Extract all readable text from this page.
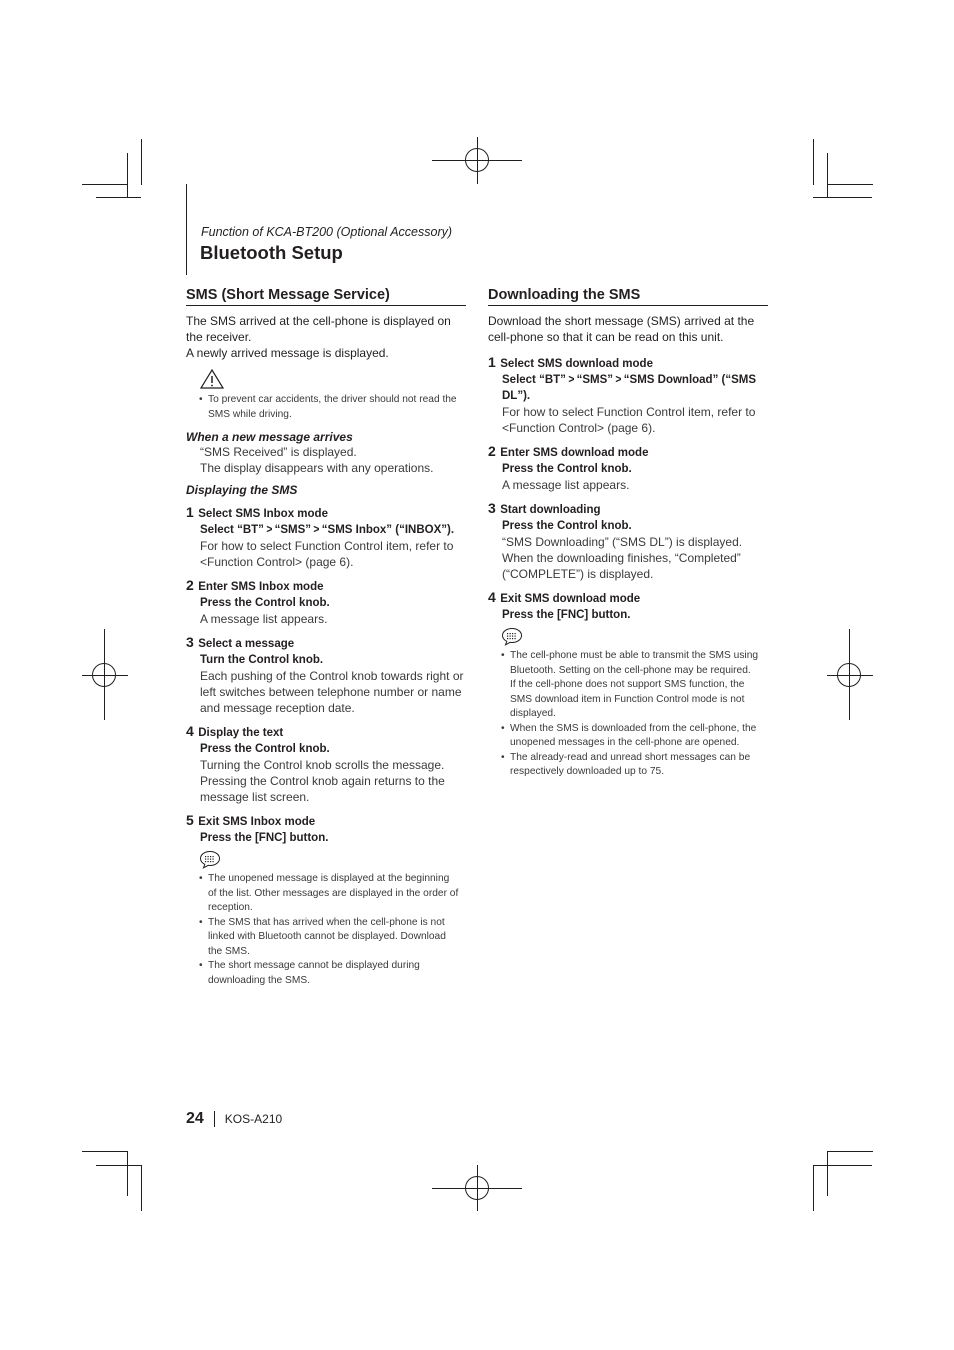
Function of KCA-BT200 (Optional Accessory)
Bluetooth Setup
SMS (Short Message Service)
The SMS arrived at the cell-phone is displayed on
the receiver.
A newly arrived message is displayed.
• To prevent car accidents, the driver should not read the
SMS while driving.
When a new message arrives
“SMS Received” is displayed.
The display disappears with any operations.
Displaying the SMS
1 Select SMS Inbox mode
Select “BT” > “SMS” > “SMS Inbox” (“INBOX”).
For how to select Function Control item, refer to
<Function Control> (page 6).
2 Enter SMS Inbox mode
Press the Control knob.
A message list appears.
3 Select a message
Turn the Control knob.
Each pushing of the Control knob towards right or
left switches between telephone number or name
and message reception date.
4 Display the text
Press the Control knob.
Turning the Control knob scrolls the message.
Pressing the Control knob again returns to the
message list screen.
5 Exit SMS Inbox mode
Press the [FNC] button.
• The unopened message is displayed at the beginning
of the list. Other messages are displayed in the order of
reception.
• The SMS that has arrived when the cell-phone is not
linked with Bluetooth cannot be displayed. Download
the SMS.
• The short message cannot be displayed during
downloading the SMS.
Downloading the SMS
Download the short message (SMS) arrived at the
cell-phone so that it can be read on this unit.
1 Select SMS download mode
Select “BT” > “SMS” > “SMS Download” (“SMS
DL”).
For how to select Function Control item, refer to
<Function Control> (page 6).
2 Enter SMS download mode
Press the Control knob.
A message list appears.
3 Start downloading
Press the Control knob.
“SMS Downloading” (“SMS DL”) is displayed.
When the downloading finishes, “Completed”
(“COMPLETE”) is displayed.
4 Exit SMS download mode
Press the [FNC] button.
• The cell-phone must be able to transmit the SMS using
Bluetooth. Setting on the cell-phone may be required.
If the cell-phone does not support SMS function, the
SMS download item in Function Control mode is not
displayed.
• When the SMS is downloaded from the cell-phone, the
unopened messages in the cell-phone are opened.
• The already-read and unread short messages can be
respectively downloaded up to 75.
24 KOS-A210
